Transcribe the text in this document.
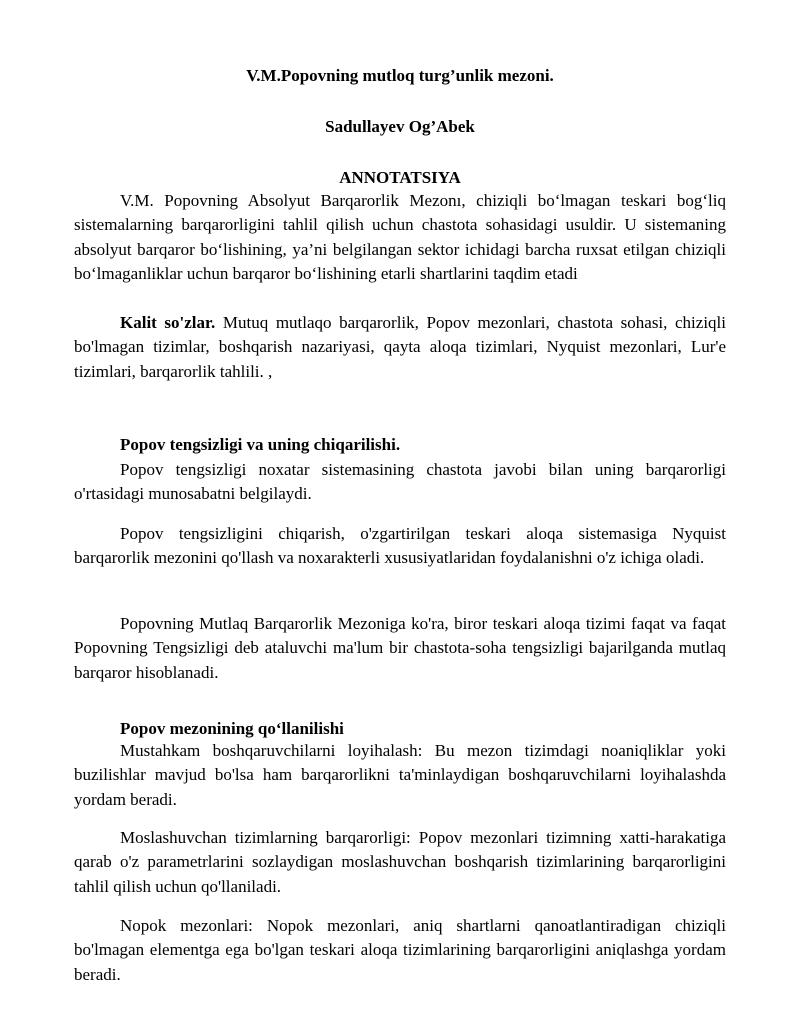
V.M.Popovning mutloq turg’unlik mezoni.

Sadullayev Og’Abek

ANNOTATSIYA

V.M. Popovning Absolyut Barqarorlik Mezonı, chiziqli bo‘lmagan teskari bog‘liq sistemalarning barqarorligini tahlil qilish uchun chastota sohasidagi usuldir. U sistemaning absolyut barqaror bo‘lishining, ya’ni belgilangan sektor ichidagi barcha ruxsat etilgan chiziqli bo‘lmaganliklar uchun barqaror bo‘lishining etarli shartlarini taqdim etadi

Kalit so'zlar. Mutuq mutlaqo barqarorlik, Popov mezonlari, chastota sohasi, chiziqli bo'lmagan tizimlar, boshqarish nazariyasi, qayta aloqa tizimlari, Nyquist mezonlari, Lur'e tizimlari, barqarorlik tahlili. ,

Popov tengsizligi va uning chiqarilishi.

Popov tengsizligi noxatar sistemasining chastota javobi bilan uning barqarorligi o'rtasidagi munosabatni belgilaydi.

Popov tengsizligini chiqarish, o'zgartirilgan teskari aloqa sistemasiga Nyquist barqarorlik mezonini qo'llash va noxarakterli xususiyatlaridan foydalanishni o'z ichiga oladi.

Popovning Mutlaq Barqarorlik Mezoniga ko'ra, biror teskari aloqa tizimi faqat va faqat Popovning Tengsizligi deb ataluvchi ma'lum bir chastota-soha tengsizligi bajarilganda mutlaq barqaror hisoblanadi.

Popov mezonining qo‘llanilishi

Mustahkam boshqaruvchilarni loyihalash: Bu mezon tizimdagi noaniqliklar yoki buzilishlar mavjud bo'lsa ham barqarorlikni ta'minlaydigan boshqaruvchilarni loyihalashda yordam beradi.

Moslashuvchan tizimlarning barqarorligi: Popov mezonlari tizimning xatti-harakatiga qarab o'z parametrlarini sozlaydigan moslashuvchan boshqarish tizimlarining barqarorligini tahlil qilish uchun qo'llaniladi.

Nopok mezonlari: Nopok mezonlari, aniq shartlarni qanoatlantiradigan chiziqli bo'lmagan elementga ega bo'lgan teskari aloqa tizimlarining barqarorligini aniqlashga yordam beradi.
